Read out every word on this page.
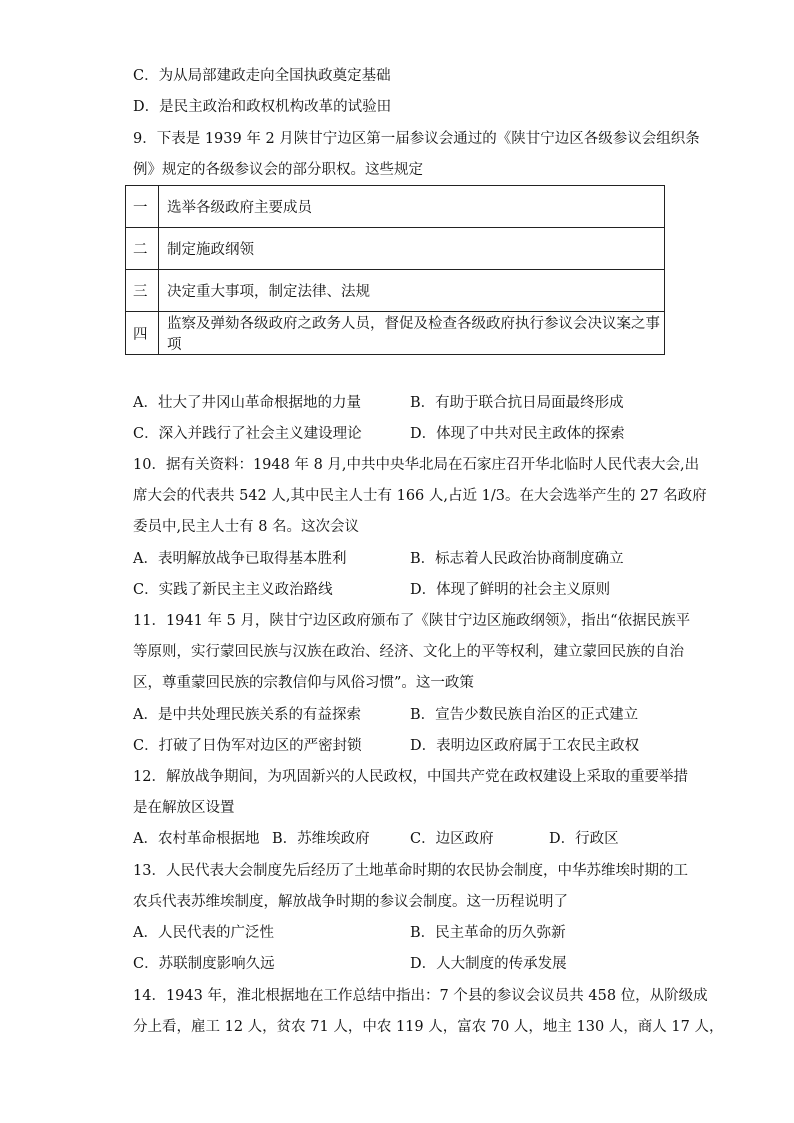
C．为从局部建政走向全国执政奠定基础
D．是民主政治和政权机构改革的试验田
9．下表是 1939 年 2 月陕甘宁边区第一届参议会通过的《陕甘宁边区各级参议会组织条
例》规定的各级参议会的部分职权。这些规定
一	选举各级政府主要成员
二	制定施政纲领
三	决定重大事项，制定法律、法规
四	监察及弹劾各级政府之政务人员，督促及检查各级政府执行参议会决议案之事项
A．壮大了井冈山革命根据地的力量	B．有助于联合抗日局面最终形成
C．深入并践行了社会主义建设理论	D．体现了中共对民主政体的探索
10．据有关资料：1948 年 8 月,中共中央华北局在石家庄召开华北临时人民代表大会,出
席大会的代表共 542 人,其中民主人士有 166 人,占近 1/3。在大会选举产生的 27 名政府
委员中,民主人士有 8 名。这次会议
A．表明解放战争已取得基本胜利	B．标志着人民政治协商制度确立
C．实践了新民主主义政治路线	D．体现了鲜明的社会主义原则
11．1941 年 5 月，陕甘宁边区政府颁布了《陕甘宁边区施政纲领》，指出“依据民族平
等原则，实行蒙回民族与汉族在政治、经济、文化上的平等权利，建立蒙回民族的自治
区，尊重蒙回民族的宗教信仰与风俗习惯”。这一政策
A．是中共处理民族关系的有益探索	B．宣告少数民族自治区的正式建立
C．打破了日伪军对边区的严密封锁	D．表明边区政府属于工农民主政权
12．解放战争期间，为巩固新兴的人民政权，中国共产党在政权建设上采取的重要举措
是在解放区设置
A．农村革命根据地 B．苏维埃政府	C．边区政府	D．行政区
13．人民代表大会制度先后经历了土地革命时期的农民协会制度，中华苏维埃时期的工
农兵代表苏维埃制度，解放战争时期的参议会制度。这一历程说明了
A．人民代表的广泛性	B．民主革命的历久弥新
C．苏联制度影响久远	D．人大制度的传承发展
14．1943 年，淮北根据地在工作总结中指出：7 个县的参议会议员共 458 位，从阶级成
分上看，雇工 12 人，贫农 71 人，中农 119 人，富农 70 人，地主 130 人，商人 17 人，
